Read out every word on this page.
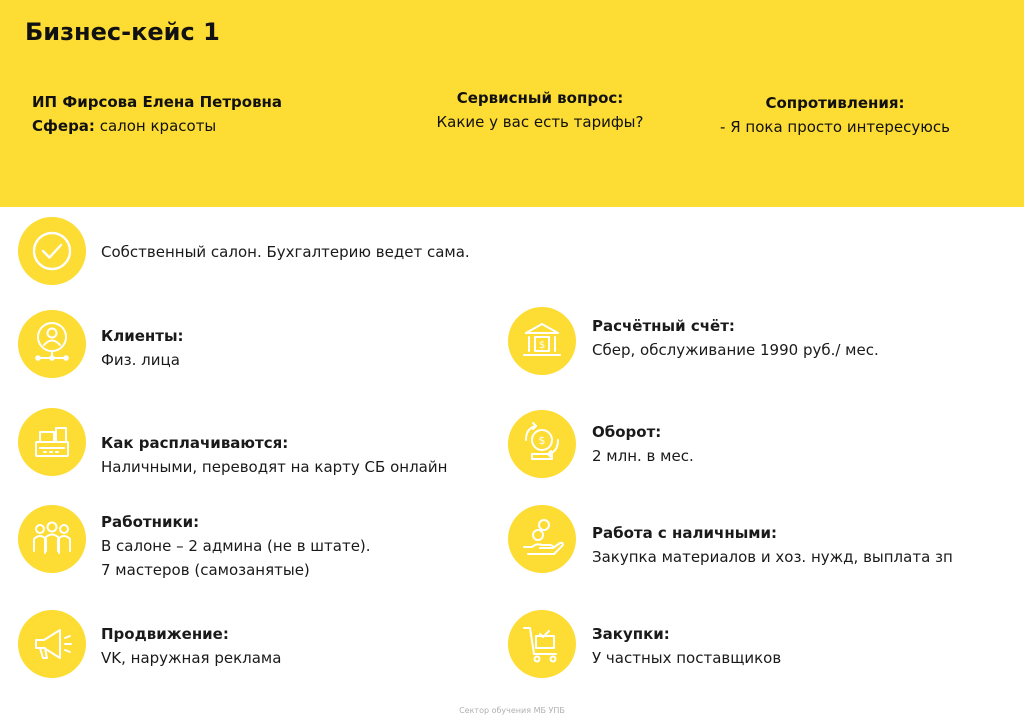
Бизнес-кейс 1
ИП Фирсова Елена Петровна
Сфера: салон красоты
Сервисный вопрос:
Какие у вас есть тарифы?
Сопротивления:
- Я пока просто интересуюсь
Собственный салон. Бухгалтерию ведет сама.
Клиенты:
Физ. лица
Как расплачиваются:
Наличными, переводят на карту СБ онлайн
Работники:
В салоне – 2 админа (не в штате).
7 мастеров (самозанятые)
Продвижение:
VK, наружная реклама
$
Расчётный счёт:
Сбер, обслуживание 1990 руб./ мес.
$	Оборот:
2 млн. в мес.
Работа с наличными:
Закупка материалов и хоз. нужд, выплата зп
Закупки:
У частных поставщиков
Сектор обучения МБ УПБ
